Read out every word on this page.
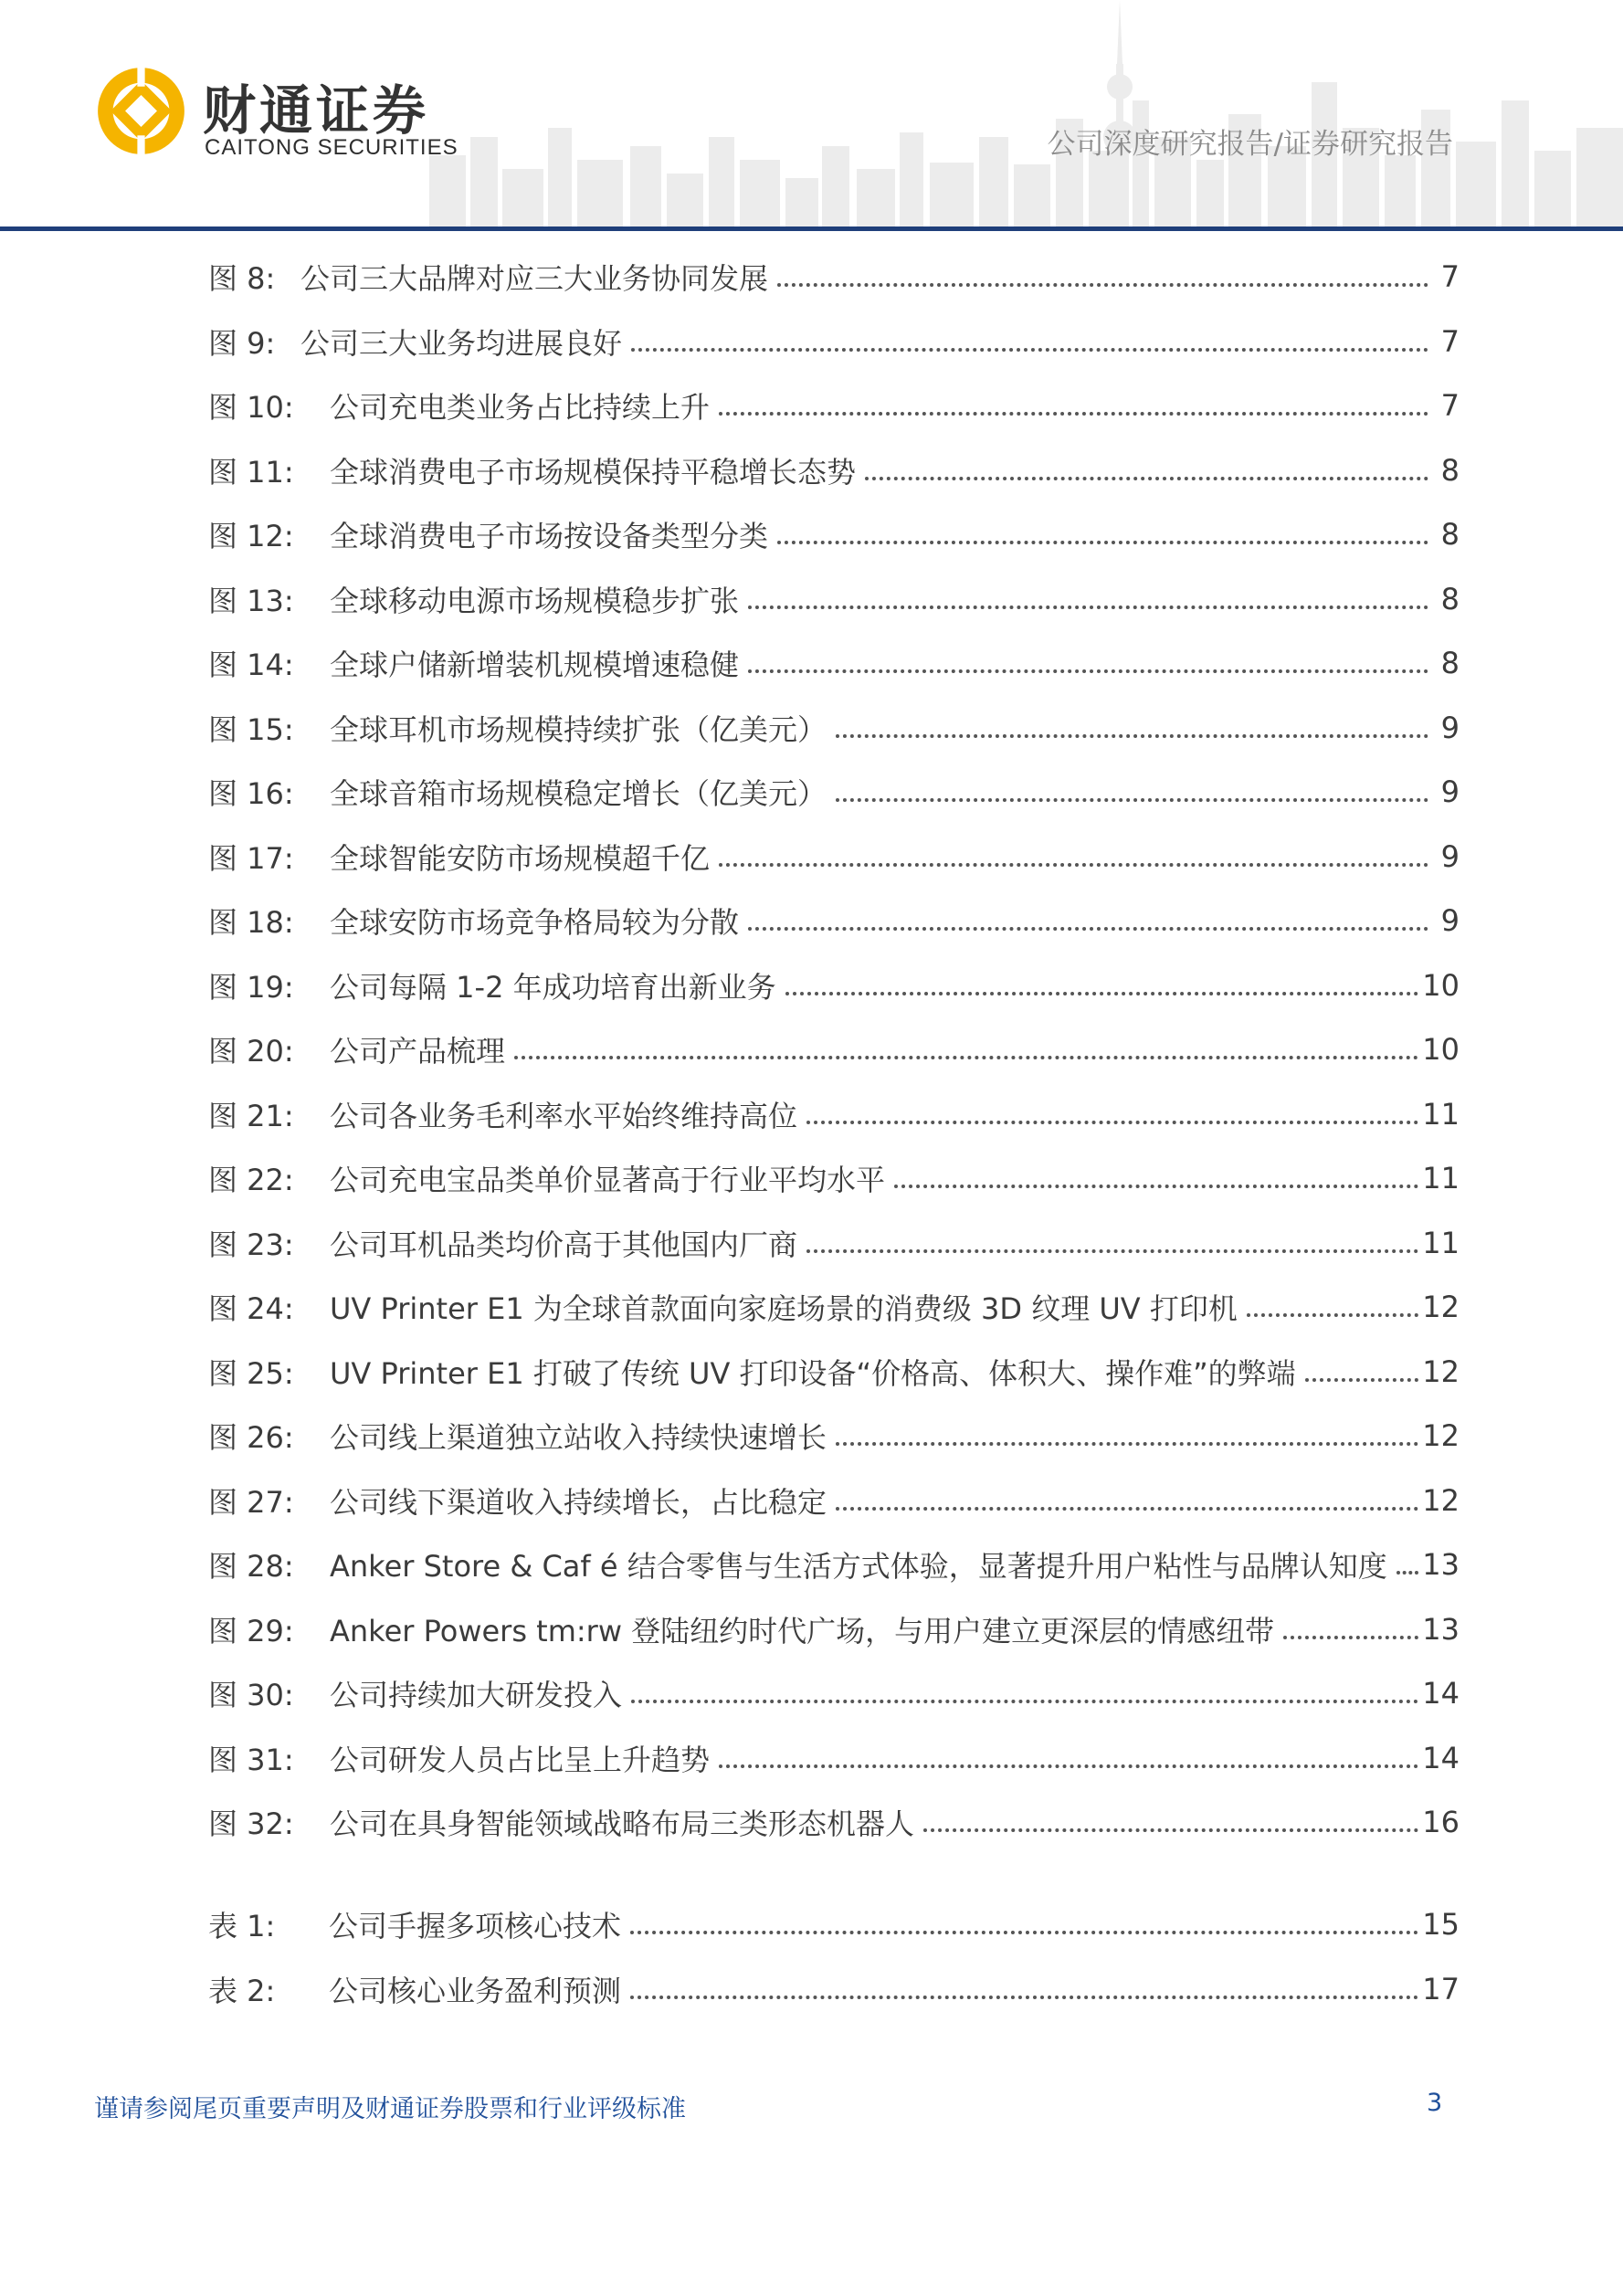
财通证券
CAITONG SECURITIES	公司深度研究报告/证券研究报告
图 8: 公司三大品牌对应三大业务协同发展	7
图 9: 公司三大业务均进展良好	7
图 10: 公司充电类业务占比持续上升	7
图 11: 全球消费电子市场规模保持平稳增长态势	8
图 12: 全球消费电子市场按设备类型分类	8
图 13: 全球移动电源市场规模稳步扩张	8
图 14: 全球户储新增装机规模增速稳健	8
图 15: 全球耳机市场规模持续扩张（亿美元）	9
图 16: 全球音箱市场规模稳定增长（亿美元）	9
图 17: 全球智能安防市场规模超千亿	9
图 18: 全球安防市场竞争格局较为分散	9
图 19: 公司每隔 1-2 年成功培育出新业务	10
图 20: 公司产品梳理	10
图 21: 公司各业务毛利率水平始终维持高位	11
图 22: 公司充电宝品类单价显著高于行业平均水平	11
图 23: 公司耳机品类均价高于其他国内厂商	11
图 24: UV Printer E1 为全球首款面向家庭场景的消费级 3D 纹理 UV 打印机	12
图 25: UV Printer E1 打破了传统 UV 打印设备“价格高、体积大、操作难”的弊端	12
图 26: 公司线上渠道独立站收入持续快速增长	12
图 27: 公司线下渠道收入持续增长，占比稳定	12
图 28: Anker Store & Caf é 结合零售与生活方式体验，显著提升用户粘性与品牌认知度 13
图 29: Anker Powers tm:rw 登陆纽约时代广场，与用户建立更深层的情感纽带	13
图 30: 公司持续加大研发投入	14
图 31: 公司研发人员占比呈上升趋势	14
图 32: 公司在具身智能领域战略布局三类形态机器人	16
表 1:	公司手握多项核心技术	15
表 2:	公司核心业务盈利预测	17
谨请参阅尾页重要声明及财通证券股票和行业评级标准	3
